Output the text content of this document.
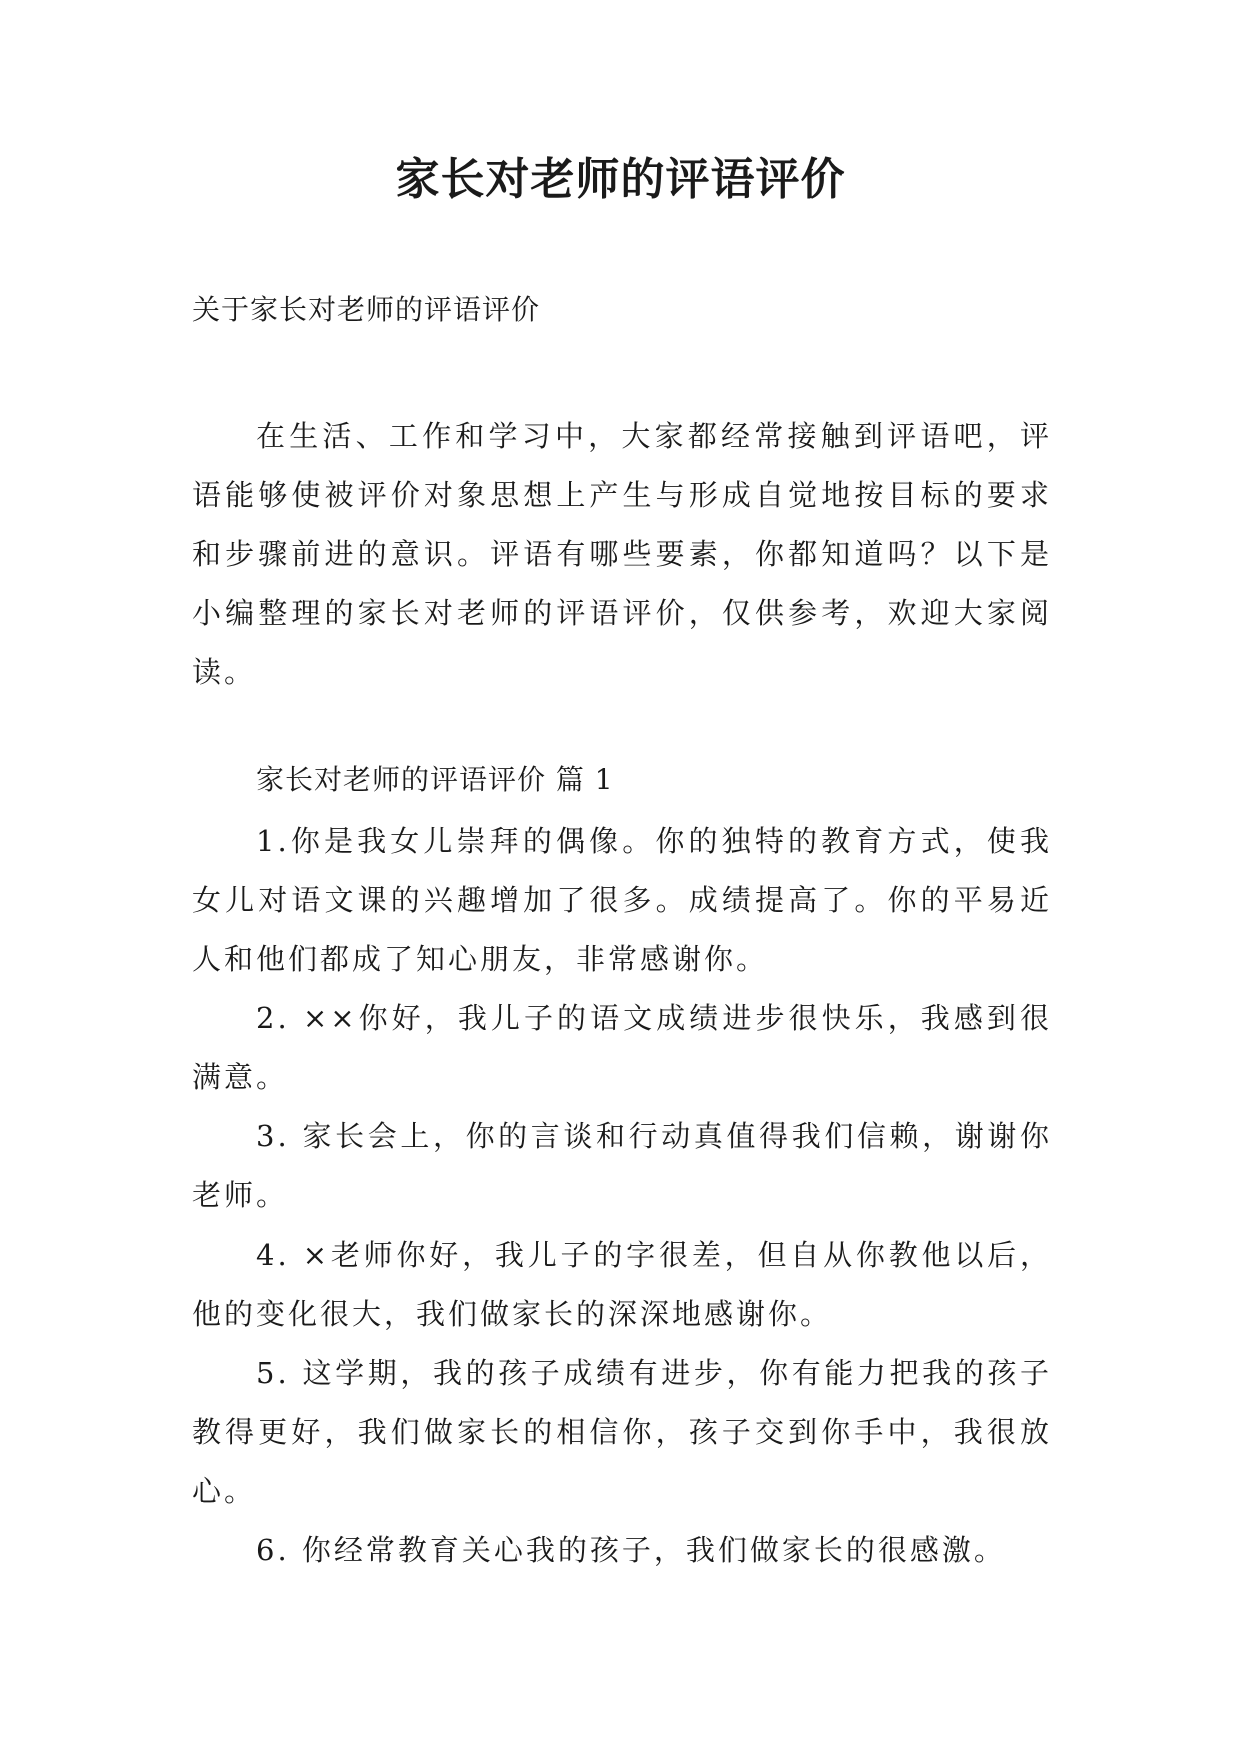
家长对老师的评语评价

关于家长对老师的评语评价

在生活、工作和学习中，大家都经常接触到评语吧，评语能够使被评价对象思想上产生与形成自觉地按目标的要求和步骤前进的意识。评语有哪些要素，你都知道吗？以下是小编整理的家长对老师的评语评价，仅供参考，欢迎大家阅读。

家长对老师的评语评价 篇 1

1.你是我女儿崇拜的偶像。你的独特的教育方式，使我女儿对语文课的兴趣增加了很多。成绩提高了。你的平易近人和他们都成了知心朋友，非常感谢你。

2. ××你好，我儿子的语文成绩进步很快乐，我感到很满意。

3. 家长会上，你的言谈和行动真值得我们信赖，谢谢你老师。

4. ×老师你好，我儿子的字很差，但自从你教他以后，他的变化很大，我们做家长的深深地感谢你。

5. 这学期，我的孩子成绩有进步，你有能力把我的孩子教得更好，我们做家长的相信你，孩子交到你手中，我很放心。

6. 你经常教育关心我的孩子，我们做家长的很感激。
